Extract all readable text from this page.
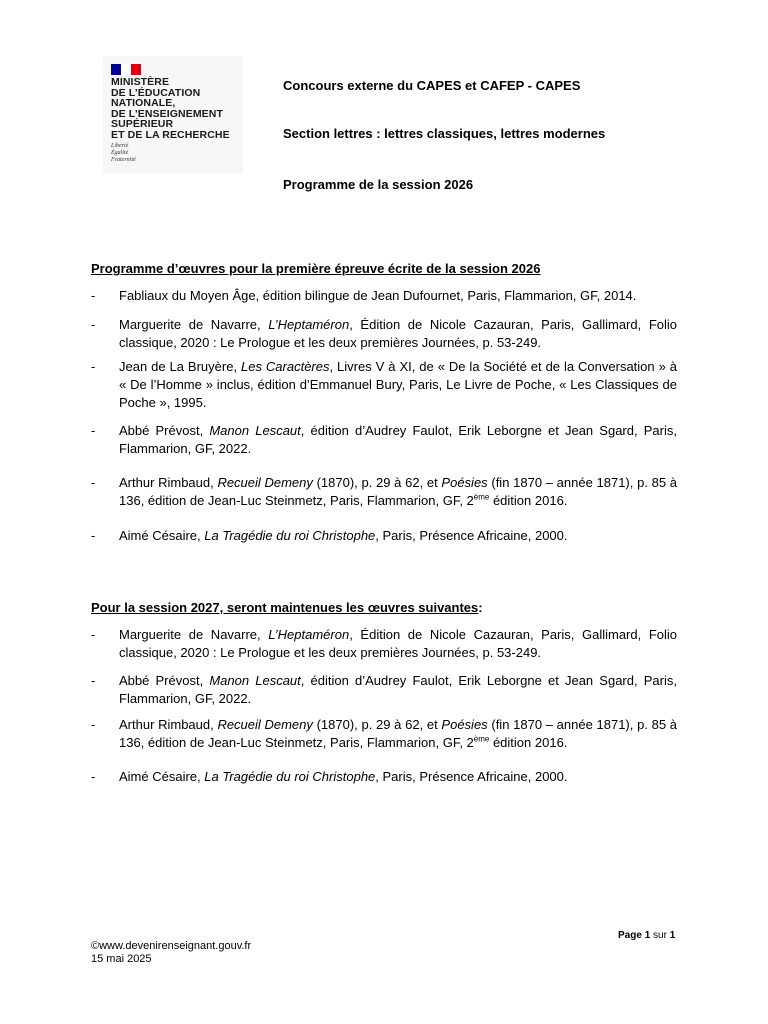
MINISTÈRE
DE L’ÉDUCATION
NATIONALE,
DE L’ENSEIGNEMENT
SUPÉRIEUR
ET DE LA RECHERCHE
Liberté
Égalité
Fraternité
Concours externe du CAPES et CAFEP - CAPES
Section lettres : lettres classiques, lettres modernes
Programme de la session 2026
Programme d’œuvres pour la première épreuve écrite de la session 2026
- Fabliaux du Moyen Âge, édition bilingue de Jean Dufournet, Paris, Flammarion, GF, 2014.
- Marguerite de Navarre, L’Heptaméron, Édition de Nicole Cazauran, Paris, Gallimard, Folio classique, 2020 : Le Prologue et les deux premières Journées, p. 53-249.
- Jean de La Bruyère, Les Caractères, Livres V à XI, de « De la Société et de la Conversation » à « De l’Homme » inclus, édition d’Emmanuel Bury, Paris, Le Livre de Poche, « Les Classiques de Poche », 1995.
- Abbé Prévost, Manon Lescaut, édition d’Audrey Faulot, Erik Leborgne et Jean Sgard, Paris, Flammarion, GF, 2022.
- Arthur Rimbaud, Recueil Demeny (1870), p. 29 à 62, et Poésies (fin 1870 – année 1871), p. 85 à 136, édition de Jean-Luc Steinmetz, Paris, Flammarion, GF, 2ème édition 2016.
- Aimé Césaire, La Tragédie du roi Christophe, Paris, Présence Africaine, 2000.
Pour la session 2027, seront maintenues les œuvres suivantes:
- Marguerite de Navarre, L’Heptaméron, Édition de Nicole Cazauran, Paris, Gallimard, Folio classique, 2020 : Le Prologue et les deux premières Journées, p. 53-249.
- Abbé Prévost, Manon Lescaut, édition d’Audrey Faulot, Erik Leborgne et Jean Sgard, Paris, Flammarion, GF, 2022.
- Arthur Rimbaud, Recueil Demeny (1870), p. 29 à 62, et Poésies (fin 1870 – année 1871), p. 85 à 136, édition de Jean-Luc Steinmetz, Paris, Flammarion, GF, 2ème édition 2016.
- Aimé Césaire, La Tragédie du roi Christophe, Paris, Présence Africaine, 2000.
Page 1 sur 1
©www.devenirenseignant.gouv.fr
15 mai 2025
